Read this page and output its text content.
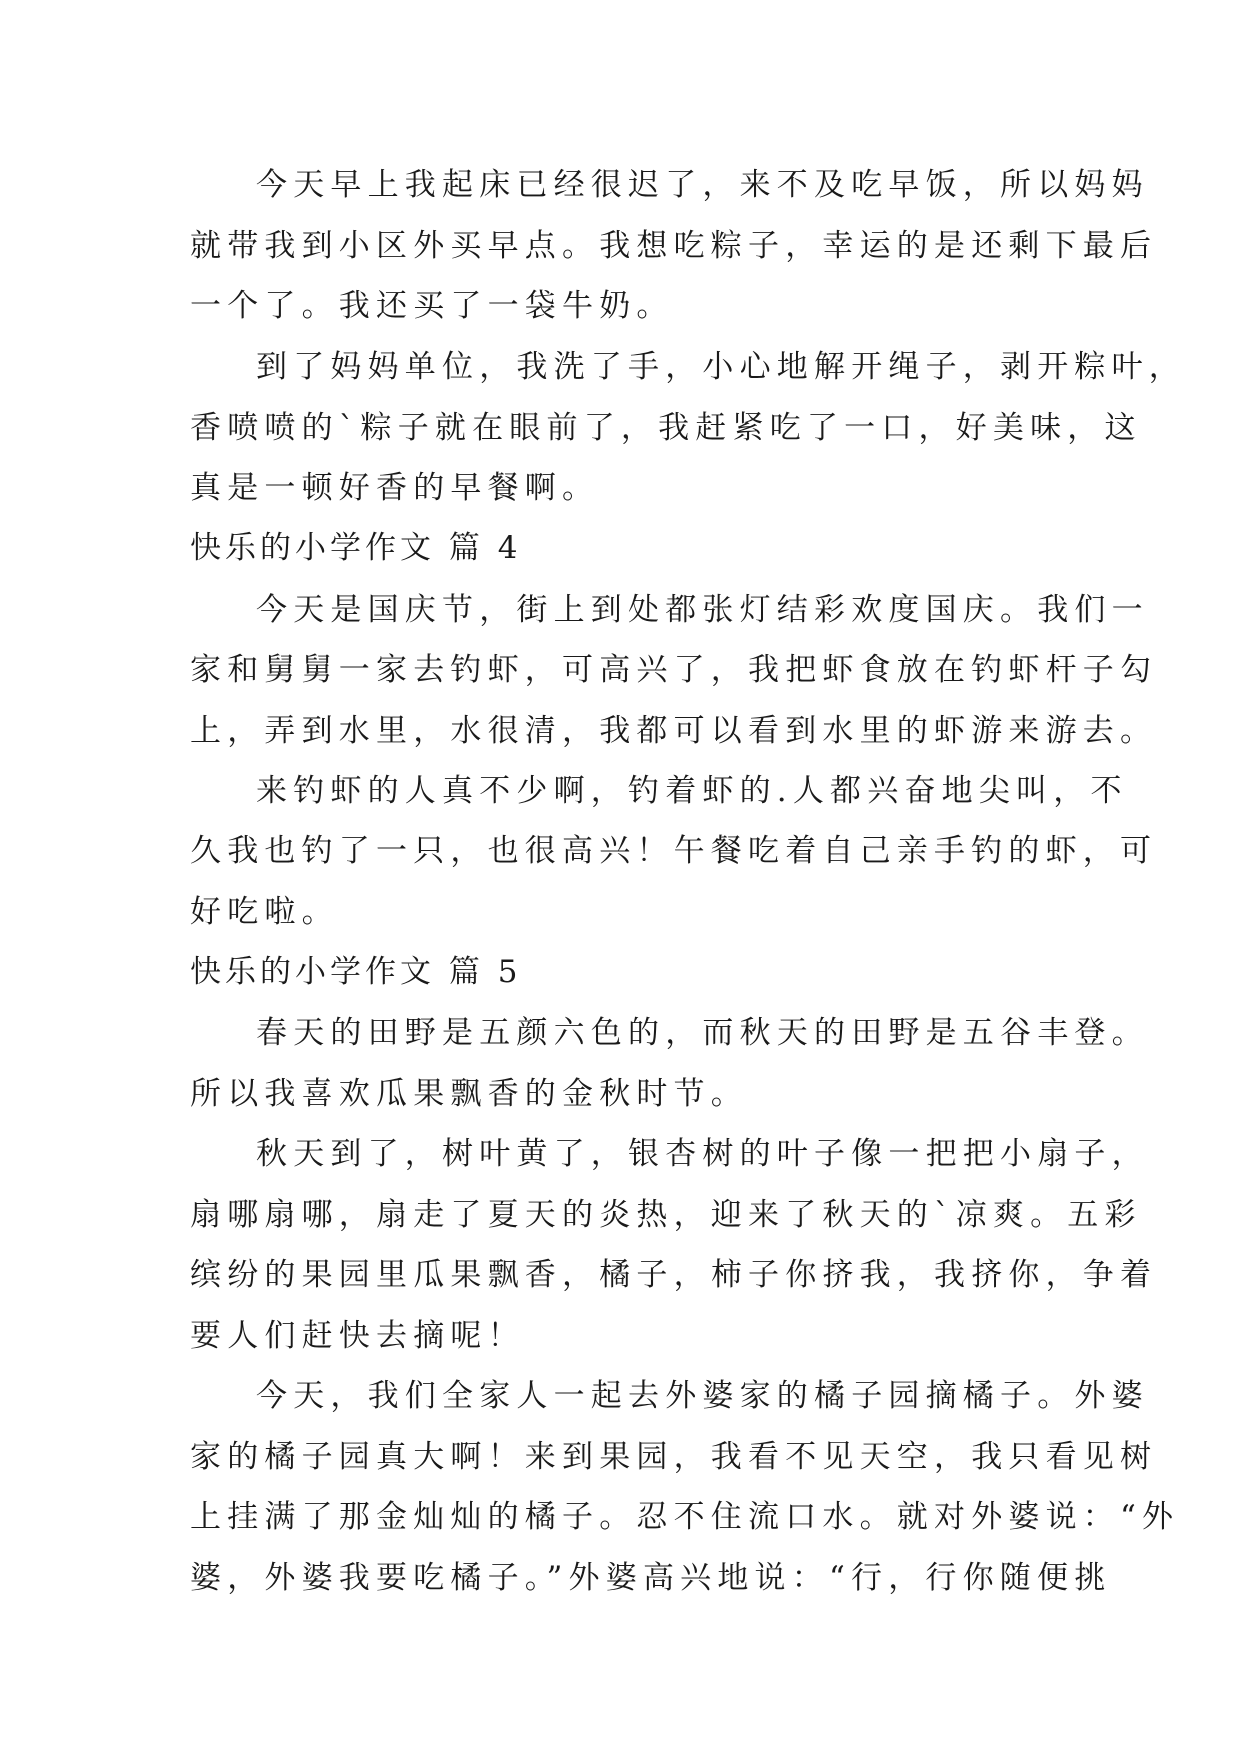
今天早上我起床已经很迟了，来不及吃早饭，所以妈妈
就带我到小区外买早点。我想吃粽子，幸运的是还剩下最后
一个了。我还买了一袋牛奶。
到了妈妈单位，我洗了手，小心地解开绳子，剥开粽叶，
香喷喷的`粽子就在眼前了，我赶紧吃了一口，好美味，这
真是一顿好香的早餐啊。
快乐的小学作文 篇 4
今天是国庆节，街上到处都张灯结彩欢度国庆。我们一
家和舅舅一家去钓虾，可高兴了，我把虾食放在钓虾杆子勾
上，弄到水里，水很清，我都可以看到水里的虾游来游去。
来钓虾的人真不少啊，钓着虾的.人都兴奋地尖叫，不
久我也钓了一只，也很高兴！午餐吃着自己亲手钓的虾，可
好吃啦。
快乐的小学作文 篇 5
春天的田野是五颜六色的，而秋天的田野是五谷丰登。
所以我喜欢瓜果飘香的金秋时节。
秋天到了，树叶黄了，银杏树的叶子像一把把小扇子，
扇哪扇哪，扇走了夏天的炎热，迎来了秋天的`凉爽。五彩
缤纷的果园里瓜果飘香，橘子，柿子你挤我，我挤你，争着
要人们赶快去摘呢！
今天，我们全家人一起去外婆家的橘子园摘橘子。外婆
家的橘子园真大啊！来到果园，我看不见天空，我只看见树
上挂满了那金灿灿的橘子。忍不住流口水。就对外婆说：“外
婆，外婆我要吃橘子。”外婆高兴地说：“行，行你随便挑
